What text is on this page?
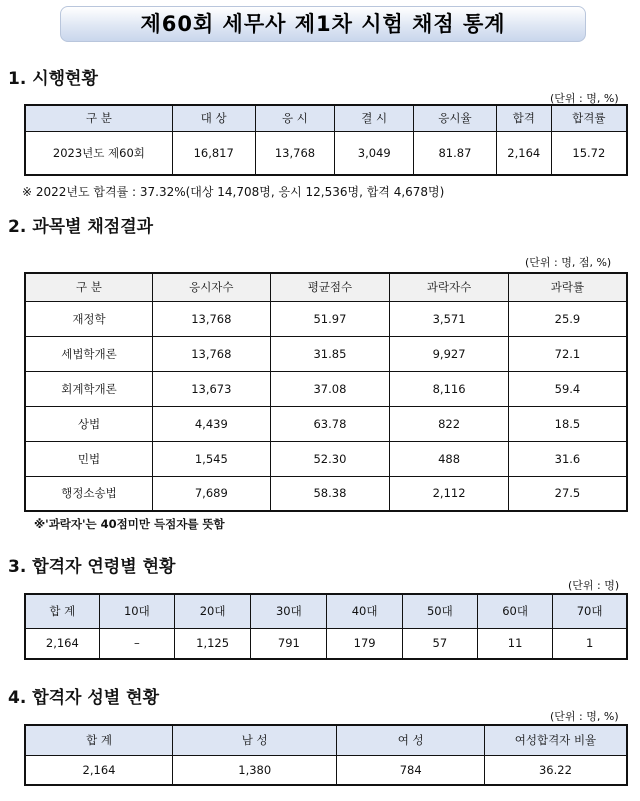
제60회 세무사 제1차 시험 채점 통계
1. 시행현황
(단위 : 명, %)
구 분	대 상	응 시	결 시	응시율	합격	합격률
2023년도 제60회	16,817	13,768	3,049	81.87	2,164	15.72
※ 2022년도 합격률 : 37.32%(대상 14,708명, 응시 12,536명, 합격 4,678명)
2. 과목별 채점결과
(단위 : 명, 점, %)
구 분	응시자수	평균점수	과락자수	과락률
재정학	13,768	51.97	3,571	25.9
세법학개론	13,768	31.85	9,927	72.1
회계학개론	13,673	37.08	8,116	59.4
상법	4,439	63.78	822	18.5
민법	1,545	52.30	488	31.6
행정소송법	7,689	58.38	2,112	27.5
※'과락자'는 40점미만 득점자를 뜻함
3. 합격자 연령별 현황
(단위 : 명)
합 계	10대	20대	30대	40대	50대	60대	70대
2,164	–	1,125	791	179	57	11	1
4. 합격자 성별 현황
(단위 : 명, %)
합 계	남 성	여 성	여성합격자 비율
2,164	1,380	784	36.22
